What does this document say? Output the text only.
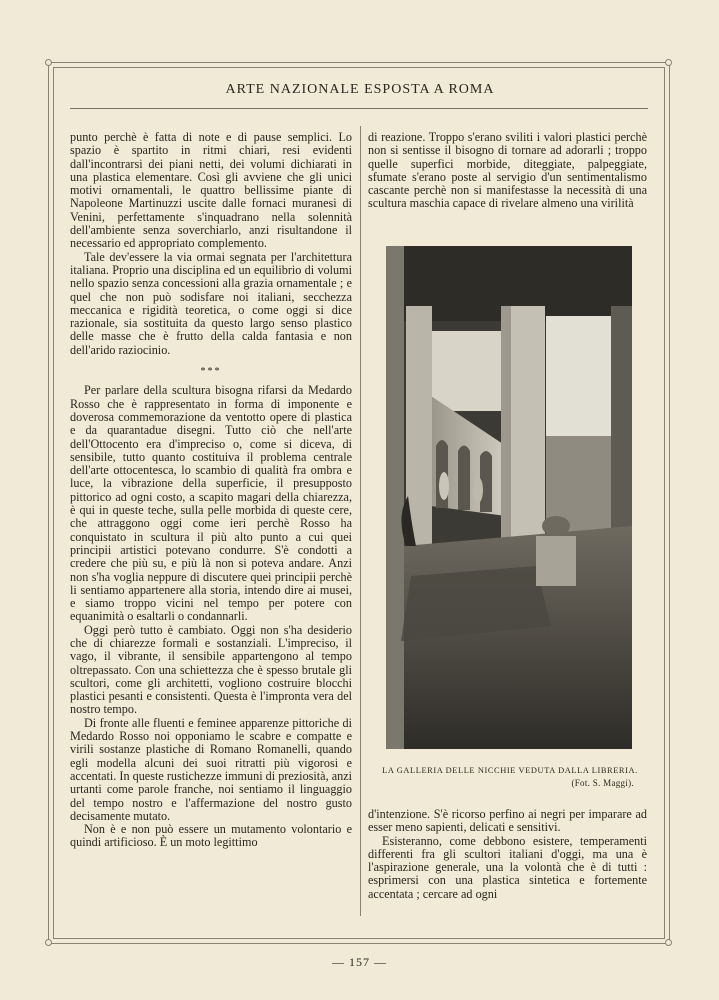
ARTE NAZIONALE ESPOSTA A ROMA

punto perchè è fatta di note e di pause semplici. Lo spazio è spartito in ritmi chiari, resi evidenti dall'incontrarsi dei piani netti, dei volumi dichiarati in una plastica elementare. Così gli avviene che gli unici motivi ornamentali, le quattro bellissime piante di Napoleone Martinuzzi uscite dalle fornaci muranesi di Venini, perfettamente s'inquadrano nella solennità dell'ambiente senza soverchiarlo, anzi risultandone il necessario ed appropriato complemento.

Tale dev'essere la via ormai segnata per l'architettura italiana. Proprio una disciplina ed un equilibrio di volumi nello spazio senza concessioni alla grazia ornamentale ; e quel che non può sodisfare noi italiani, secchezza meccanica e rigidità teoretica, o come oggi si dice razionale, sia sostituita da questo largo senso plastico delle masse che è frutto della calda fantasia e non dell'arido raziocinio.

***

Per parlare della scultura bisogna rifarsi da Medardo Rosso che è rappresentato in forma di imponente e doverosa commemorazione da ventotto opere di plastica e da quarantadue disegni. Tutto ciò che nell'arte dell'Ottocento era d'impreciso o, come si diceva, di sensibile, tutto quanto costituiva il problema centrale dell'arte ottocentesca, lo scambio di qualità fra ombra e luce, la vibrazione della superficie, il presupposto pittorico ad ogni costo, a scapito magari della chiarezza, è qui in queste teche, sulla pelle morbida di queste cere, che attraggono oggi come ieri perchè Rosso ha conquistato in scultura il più alto punto a cui quei principii artistici potevano condurre. S'è condotti a credere che più su, e più là non si poteva andare. Anzi non s'ha voglia neppure di discutere quei principii perchè li sentiamo appartenere alla storia, intendo dire ai musei, e siamo troppo vicini nel tempo per potere con equanimità o esaltarli o condannarli.

Oggi però tutto è cambiato. Oggi non s'ha desiderio che di chiarezze formali e sostanziali. L'impreciso, il vago, il vibrante, il sensibile appartengono al tempo oltrepassato. Con una schiettezza che è spesso brutale gli scultori, come gli architetti, vogliono costruire blocchi plastici pesanti e consistenti. Questa è l'impronta vera del nostro tempo.

Di fronte alle fluenti e feminee apparenze pittoriche di Medardo Rosso noi opponiamo le scabre e compatte e virili sostanze plastiche di Romano Romanelli, quando egli modella alcuni dei suoi ritratti più vigorosi e accentati. In queste rustichezze immuni di preziosità, anzi urtanti come parole franche, noi sentiamo il linguaggio del tempo nostro e l'affermazione del nostro gusto decisamente mutato.

Non è e non può essere un mutamento volontario e quindi artificioso. È un moto legittimo

di reazione. Troppo s'erano sviliti i valori plastici perchè non si sentisse il bisogno di tornare ad adorarli ; troppo quelle superfici morbide, diteggiate, palpeggiate, sfumate s'erano poste al servigio d'un sentimentalismo cascante perchè non si manifestasse la necessità di una scultura maschia capace di rivelare almeno una virilità

LA GALLERIA DELLE NICCHIE VEDUTA DALLA LIBRERIA.
(Fot. S. Maggi).

d'intenzione. S'è ricorso perfino ai negri per imparare ad esser meno sapienti, delicati e sensitivi.

Esisteranno, come debbono esistere, temperamenti differenti fra gli scultori italiani d'oggi, ma una è l'aspirazione generale, una la volontà che è di tutti : esprimersi con una plastica sintetica e fortemente accentata ; cercare ad ogni

— 157 —
